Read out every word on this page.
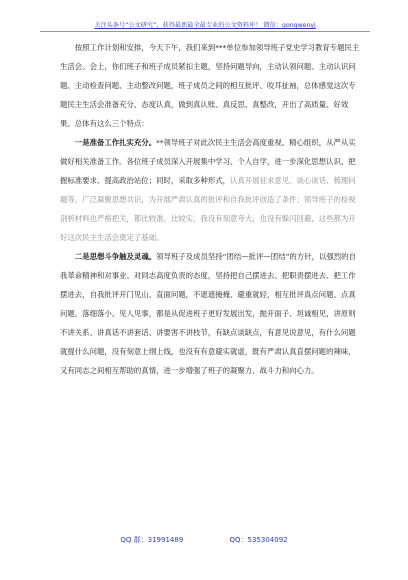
关注头条号“公文研究”，获得最新最全最专业的公文资料库！ 微信：gongwenyj

按照工作计划和安排，今天下午，我们来到***单位参加领导班子党史学习教育专题民主生活会。会上，你们班子和班子成员紧扣主题，坚持问题导向，主动认领问题、主动认识问题、主动检查问题、主动整改问题，班子成员之间的相互批评、咬耳扯袖，总体感觉这次专题民主生活会准备充分、态度认真，做到真认账、真反思、真整改，开出了高质量、好效果。总体有这么三个特点：

一是准备工作扎实充分。**领导班子对此次民主生活会高度重视、精心组织，从严从实做好相关准备工作。各位班子成员深入开展集中学习、个人自学，进一步深化思想认识、把握标准要求、提高政治站位；同时，采取多种形式，认真开展征求意见、谈心谈话、梳理问题等，广泛凝聚思想共识，为开展严肃认真的批评和自我批评创造了条件；领导班子的检视剖析材料也严格把关，都比较准、比较实，我没有刻意夸大，也没有躲闪回避，这些都为开好这次民主生活会奠定了基础。

二是思想斗争触及灵魂。领导班子及成员坚持“团结—批评—团结”的方针，以强烈的自我革命精神和对事业、对同志高度负责的态度，坚持把自己摆进去、把职责摆进去、把工作摆进去，自我批评开门见山、直面问题，不遮遮掩掩、避重就轻，相互批评真点问题、点真问题，落细落小、见人见事，都是从促进班子更好发展出发，抛开面子、坦诚相见，讲原则不讲关系、讲真话不讲套话、讲要害不讲枝节，有缺点谈缺点，有意见说意见，有什么问题就提什么问题，没有刻意上纲上线，也没有有意避实就虚，既有严肃认真直摆问题的辣味，又有同志之间相互帮助的真情，进一步增强了班子的凝聚力、战斗力和向心力。

QQ 群：31991489	QQ：535304092
